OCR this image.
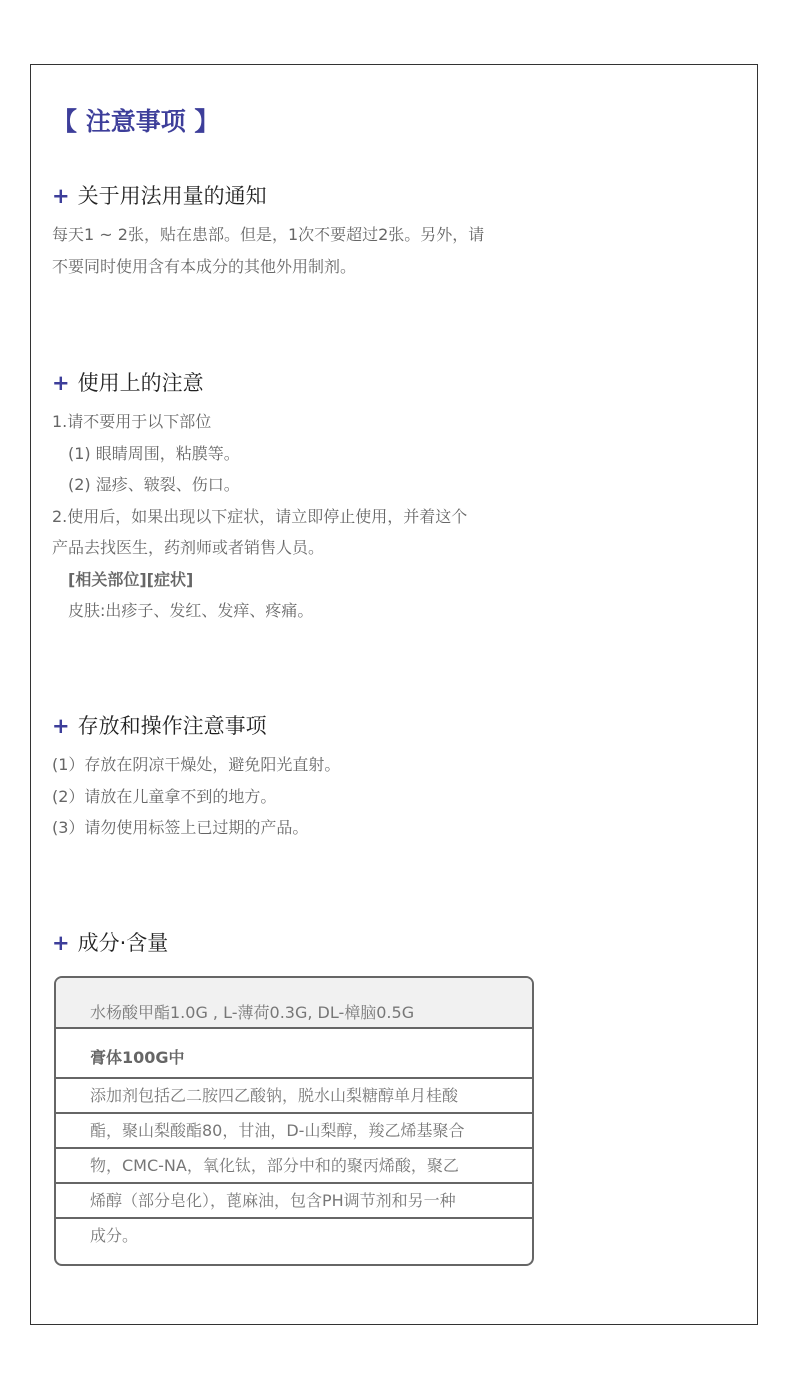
【 注意事项 】
+ 关于用法用量的通知
每天1 ~ 2张，贴在患部。但是，1次不要超过2张。另外，请
不要同时使用含有本成分的其他外用制剂。
+ 使用上的注意
1.请不要用于以下部位
(1) 眼睛周围，粘膜等。
(2) 湿疹、皲裂、伤口。
2.使用后，如果出现以下症状，请立即停止使用，并着这个
产品去找医生，药剂师或者销售人员。
[相关部位][症状]
皮肤:出疹子、发红、发痒、疼痛。
+ 存放和操作注意事项
(1）存放在阴凉干燥处，避免阳光直射。
(2）请放在儿童拿不到的地方。
(3）请勿使用标签上已过期的产品。
+ 成分·含量
水杨酸甲酯1.0G , L-薄荷0.3G, DL-樟脑0.5G
膏体100G中
添加剂包括乙二胺四乙酸钠，脱水山梨糖醇单月桂酸
酯，聚山梨酸酯80，甘油，D-山梨醇，羧乙烯基聚合
物，CMC-NA，氧化钛，部分中和的聚丙烯酸，聚乙
烯醇（部分皂化），蓖麻油，包含PH调节剂和另一种
成分。
